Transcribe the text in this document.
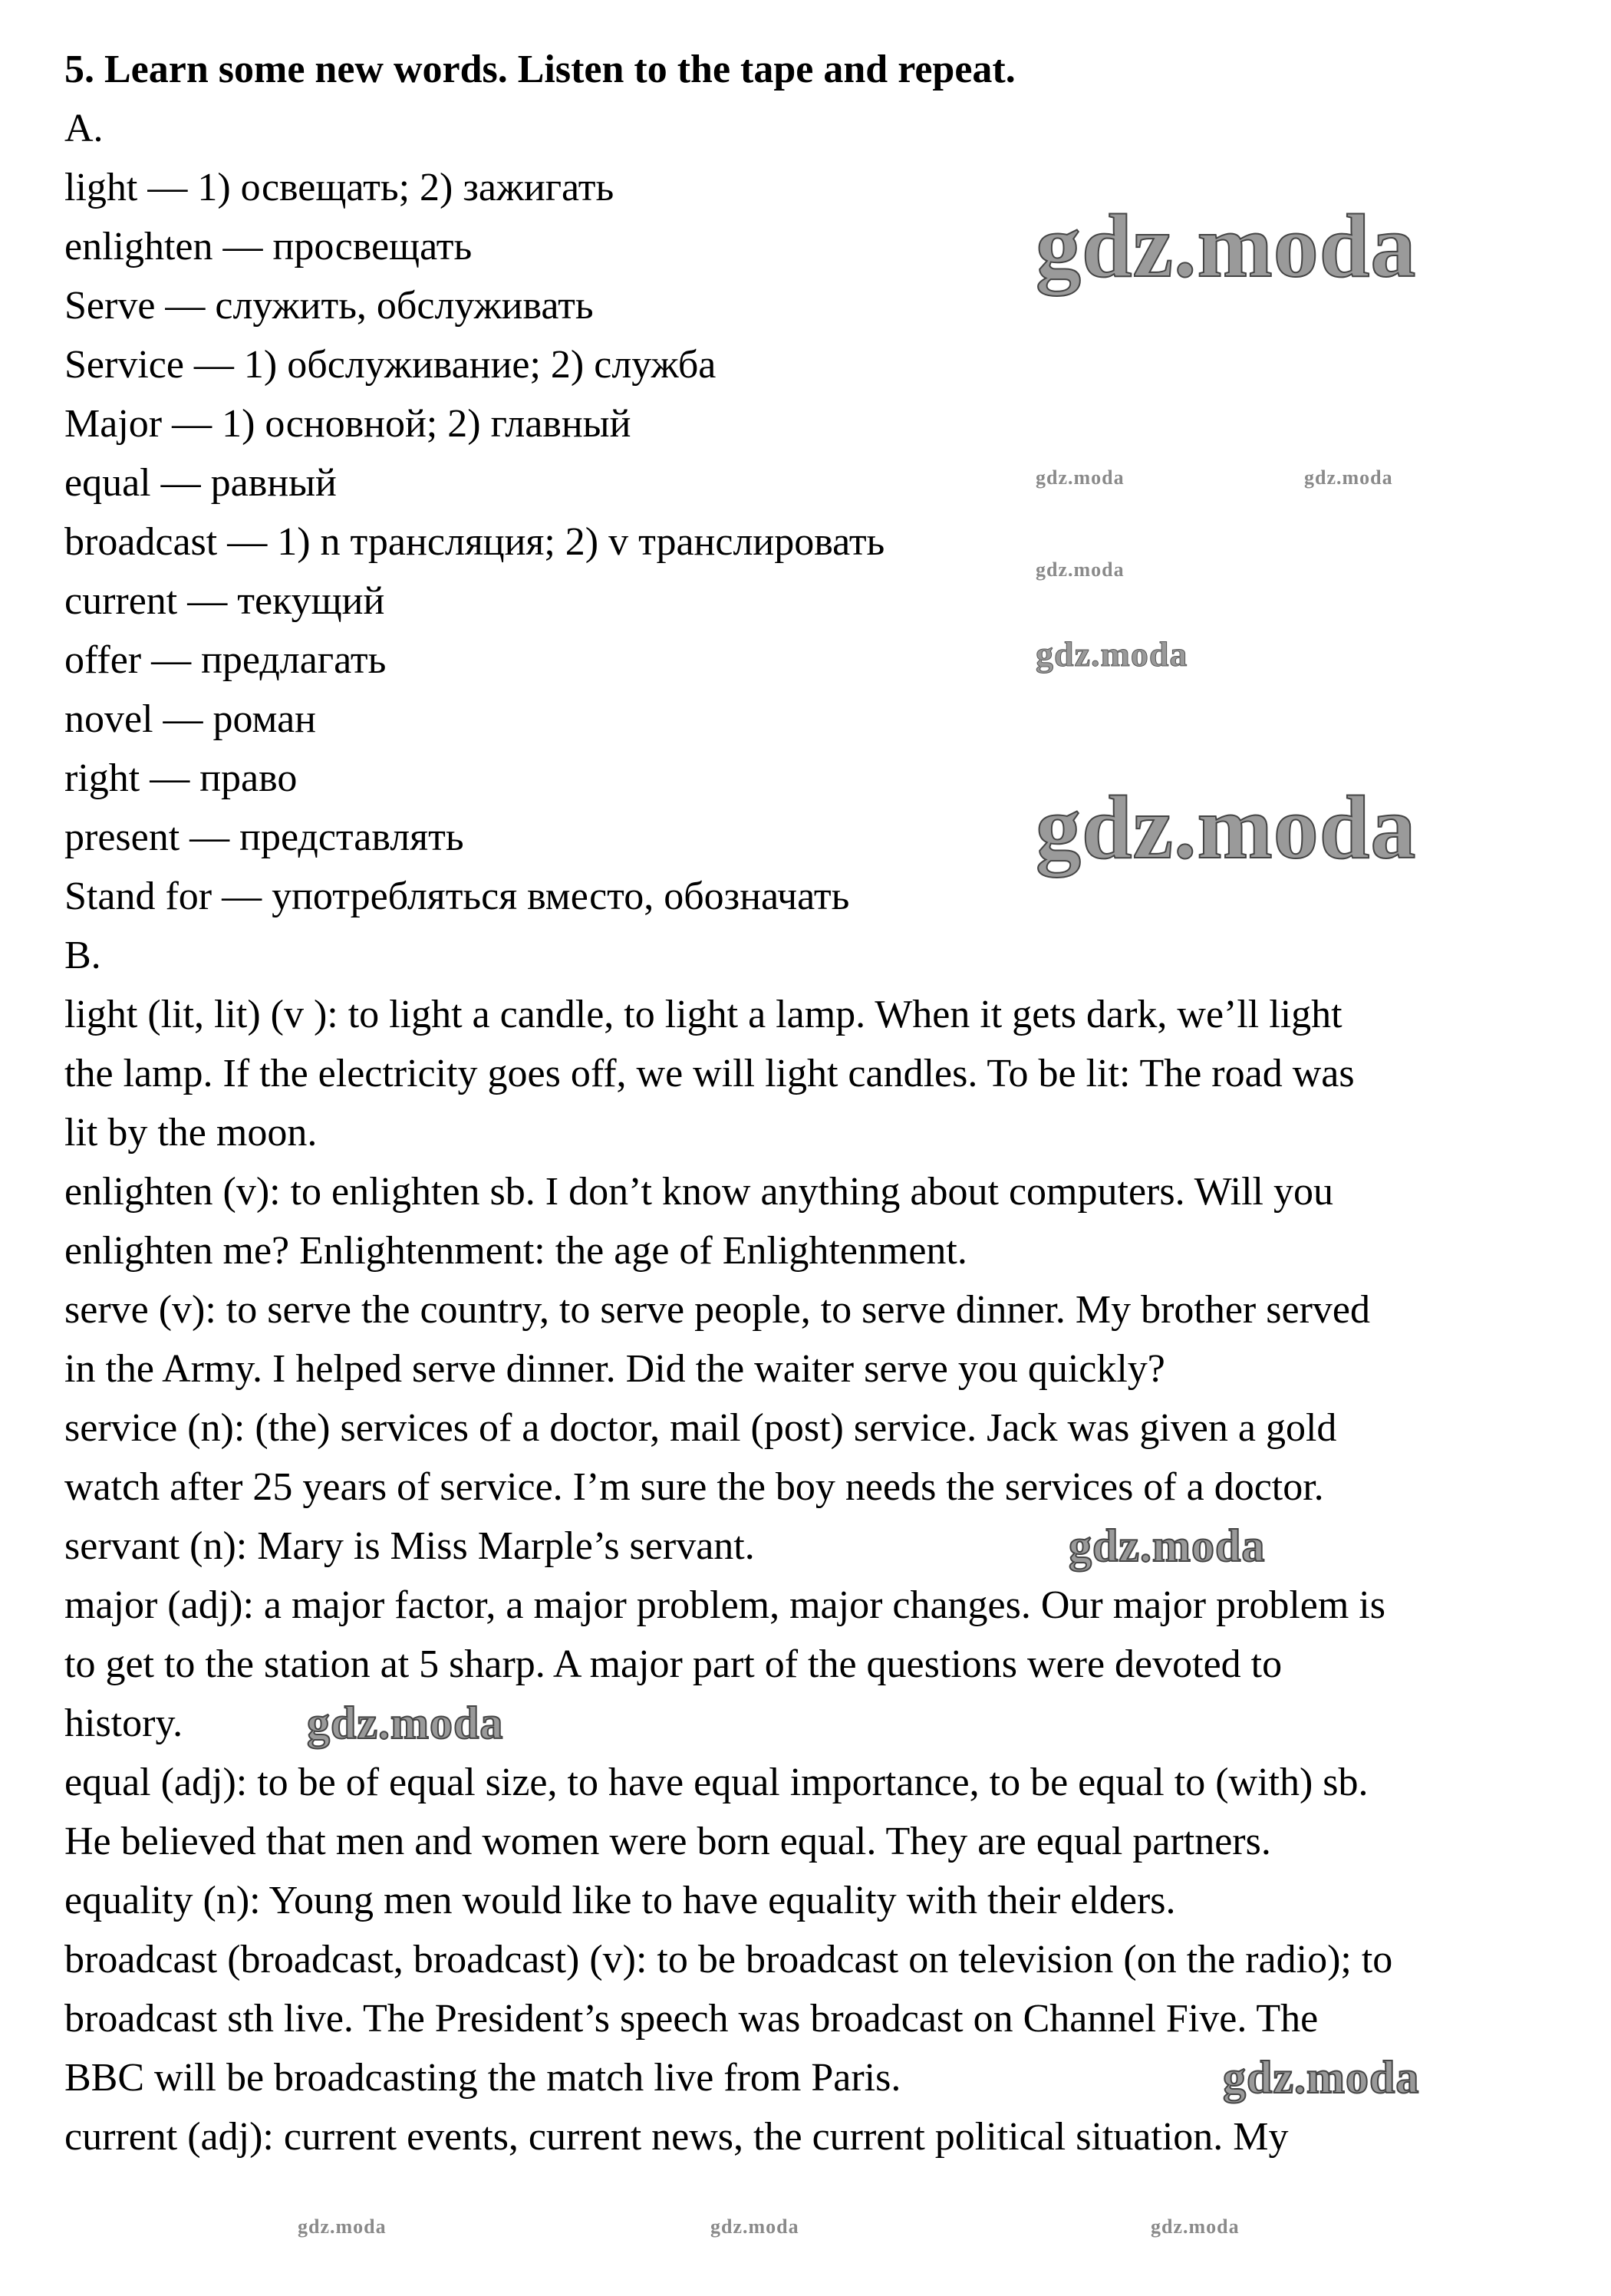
5. Learn some new words. Listen to the tape and repeat.
A.
light — 1) освещать; 2) зажигать
enlighten — просвещать
Serve — служить, обслуживать
Service — 1) обслуживание; 2) служба
Major — 1) основной; 2) главный
equal — равный
broadcast — 1) n трансляция; 2) v транслировать
current — текущий
offer — предлагать
novel — роман
right — право
present — представлять
Stand for — употребляться вместо, обозначать
B.
light (lit, lit) (v ): to light a candle, to light a lamp. When it gets dark, we’ll light
the lamp. If the electricity goes off, we will light candles. To be lit: The road was
lit by the moon.
enlighten (v): to enlighten sb. I don’t know anything about computers. Will you
enlighten me? Enlightenment: the age of Enlightenment.
serve (v): to serve the country, to serve people, to serve dinner. My brother served
in the Army. I helped serve dinner. Did the waiter serve you quickly?
service (n): (the) services of a doctor, mail (post) service. Jack was given a gold
watch after 25 years of service. I’m sure the boy needs the services of a doctor.
servant (n): Mary is Miss Marple’s servant.
major (adj): a major factor, a major problem, major changes. Our major problem is
to get to the station at 5 sharp. A major part of the questions were devoted to
history.
equal (adj): to be of equal size, to have equal importance, to be equal to (with) sb.
He believed that men and women were born equal. They are equal partners.
equality (n): Young men would like to have equality with their elders.
broadcast (broadcast, broadcast) (v): to be broadcast on television (on the radio); to
broadcast sth live. The President’s speech was broadcast on Channel Five. The
BBC will be broadcasting the match live from Paris.
current (adj): current events, current news, the current political situation. My
gdz.moda
gdz.moda
gdz.moda
gdz.moda
gdz.moda
gdz.moda	gdz.moda
gdz.moda
gdz.moda
gdz.moda
gdz.moda	gdz.moda
